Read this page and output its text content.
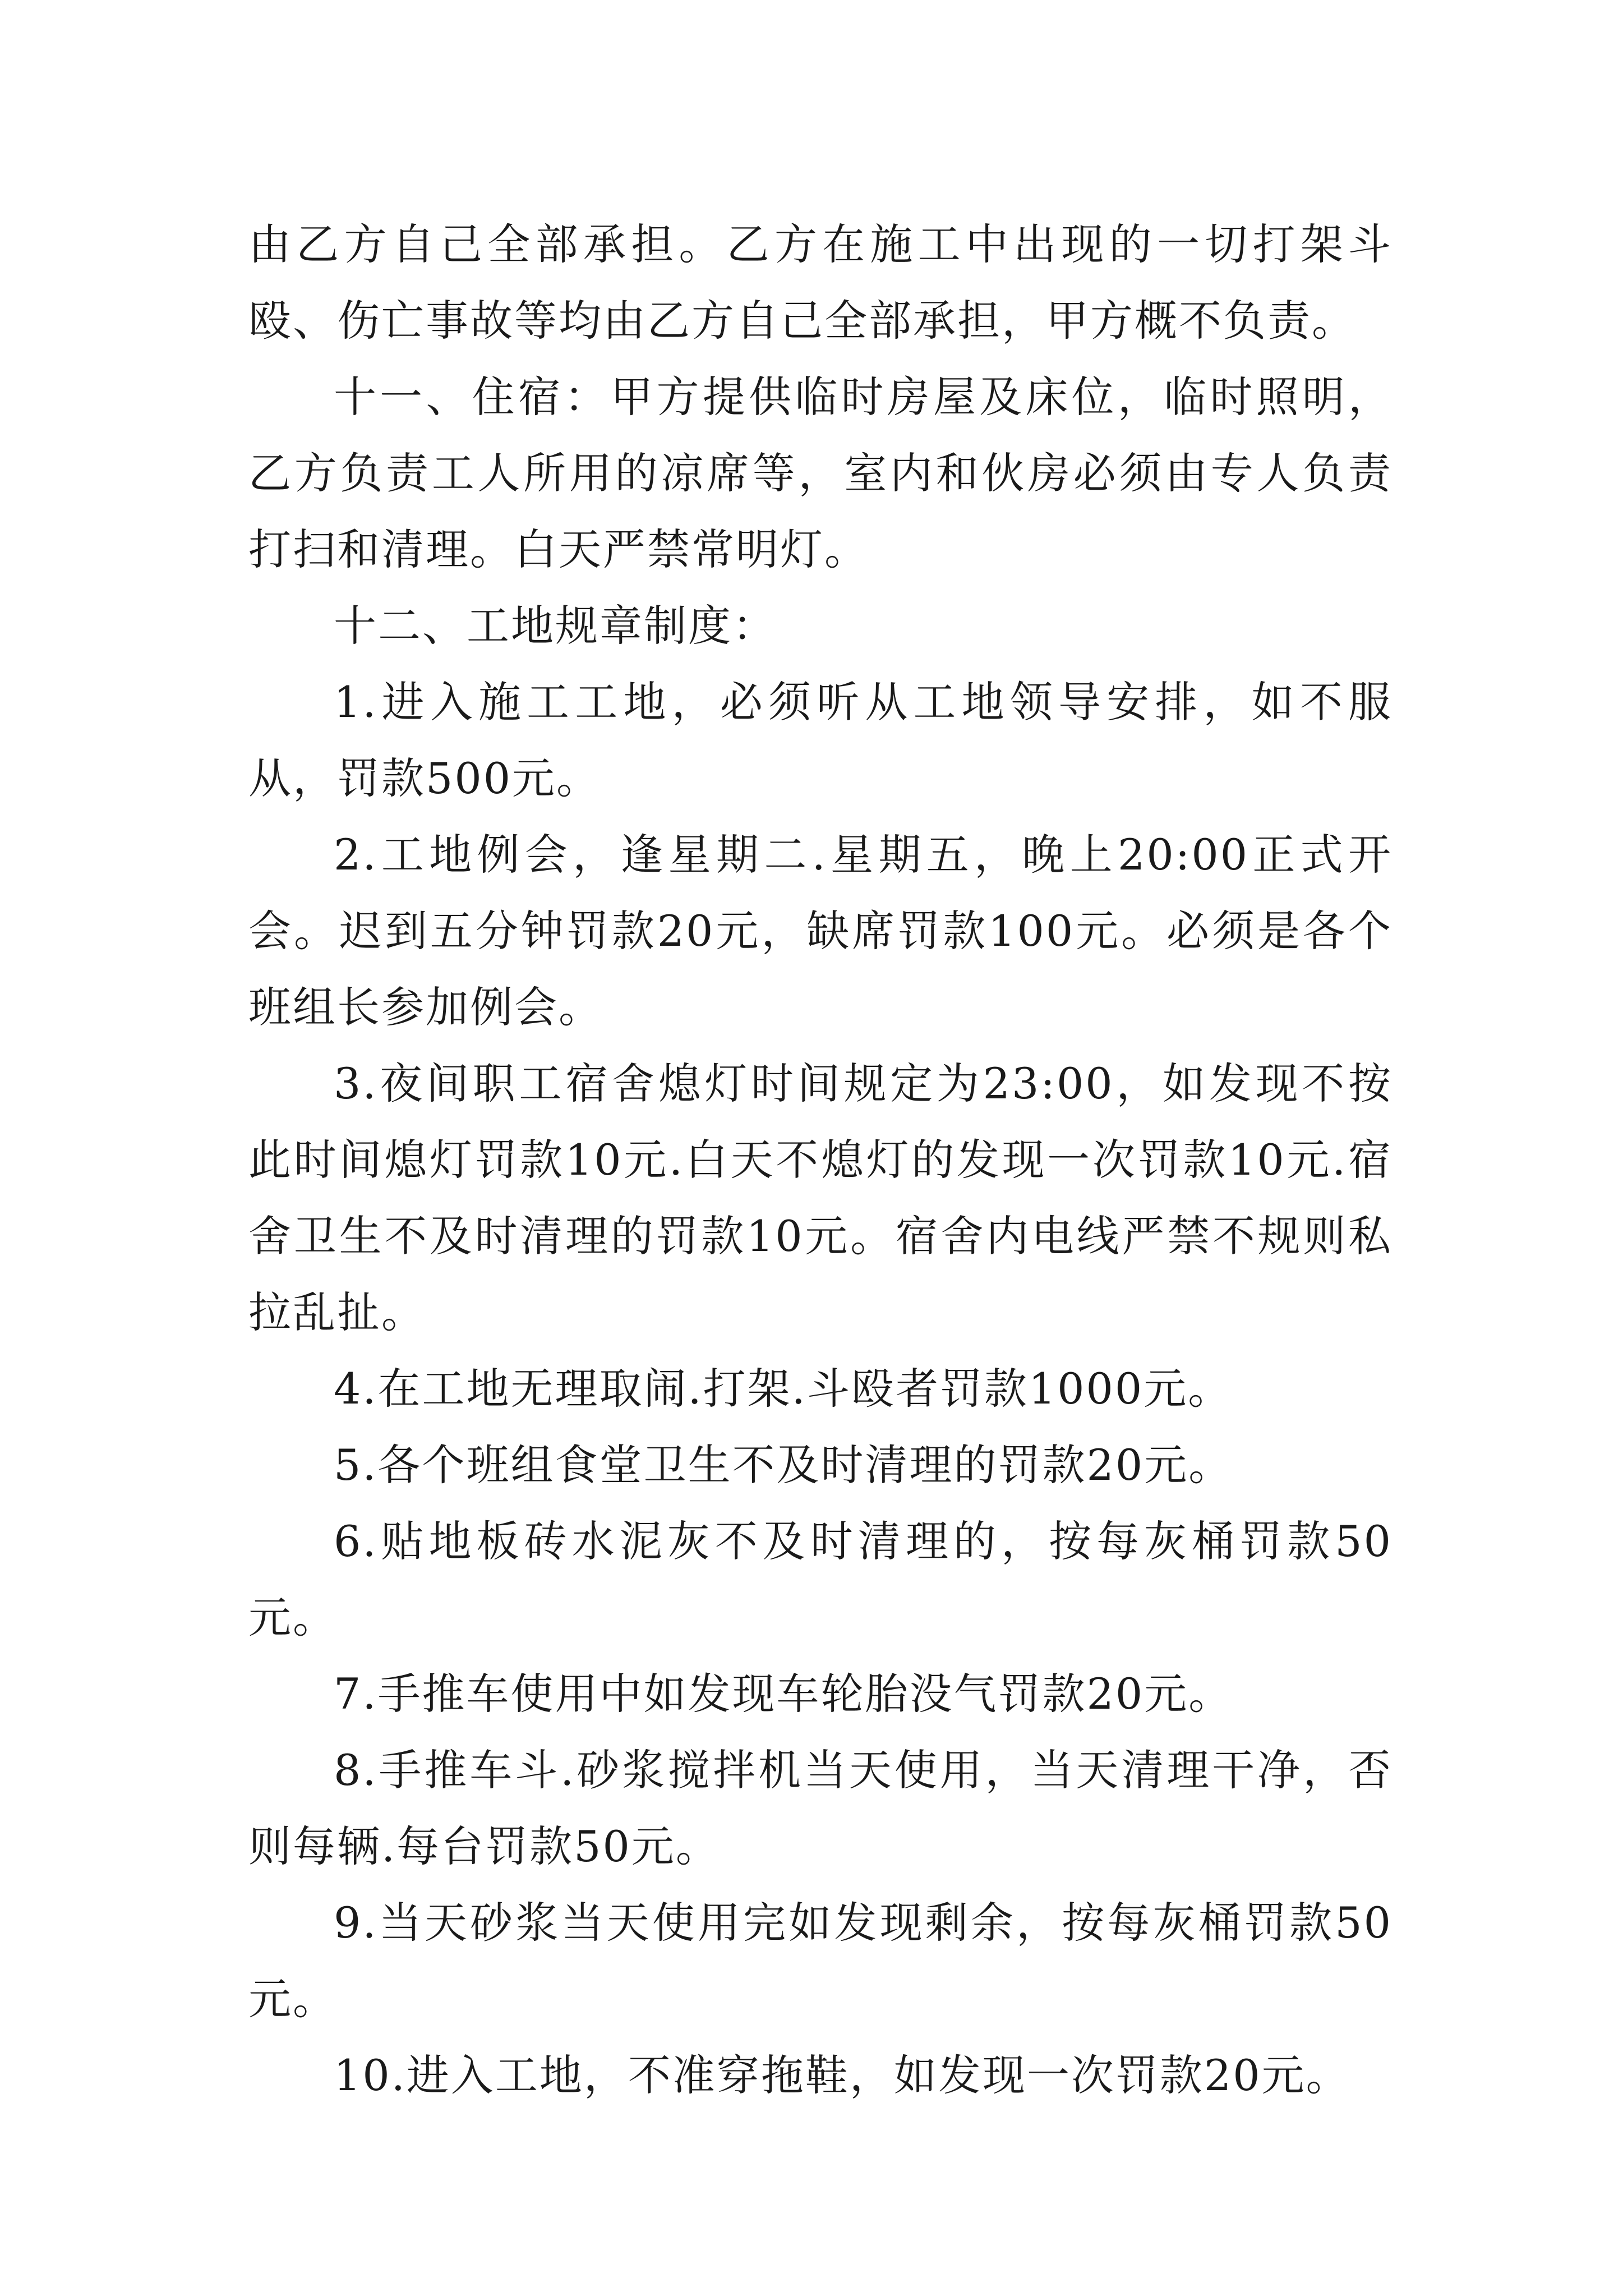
由乙方自己全部承担。乙方在施工中出现的一切打架斗殴、伤亡事故等均由乙方自己全部承担，甲方概不负责。

十一、住宿：甲方提供临时房屋及床位，临时照明，乙方负责工人所用的凉席等，室内和伙房必须由专人负责打扫和清理。白天严禁常明灯。

十二、工地规章制度：

1.进入施工工地，必须听从工地领导安排，如不服从，罚款500元。

2.工地例会，逢星期二.星期五，晚上20:00正式开会。迟到五分钟罚款20元，缺席罚款100元。必须是各个班组长参加例会。

3.夜间职工宿舍熄灯时间规定为23:00，如发现不按此时间熄灯罚款10元.白天不熄灯的发现一次罚款10元.宿舍卫生不及时清理的罚款10元。宿舍内电线严禁不规则私拉乱扯。

4.在工地无理取闹.打架.斗殴者罚款1000元。

5.各个班组食堂卫生不及时清理的罚款20元。

6.贴地板砖水泥灰不及时清理的，按每灰桶罚款50元。

7.手推车使用中如发现车轮胎没气罚款20元。

8.手推车斗.砂浆搅拌机当天使用，当天清理干净，否则每辆.每台罚款50元。

9.当天砂浆当天使用完如发现剩余，按每灰桶罚款50元。

10.进入工地，不准穿拖鞋，如发现一次罚款20元。
